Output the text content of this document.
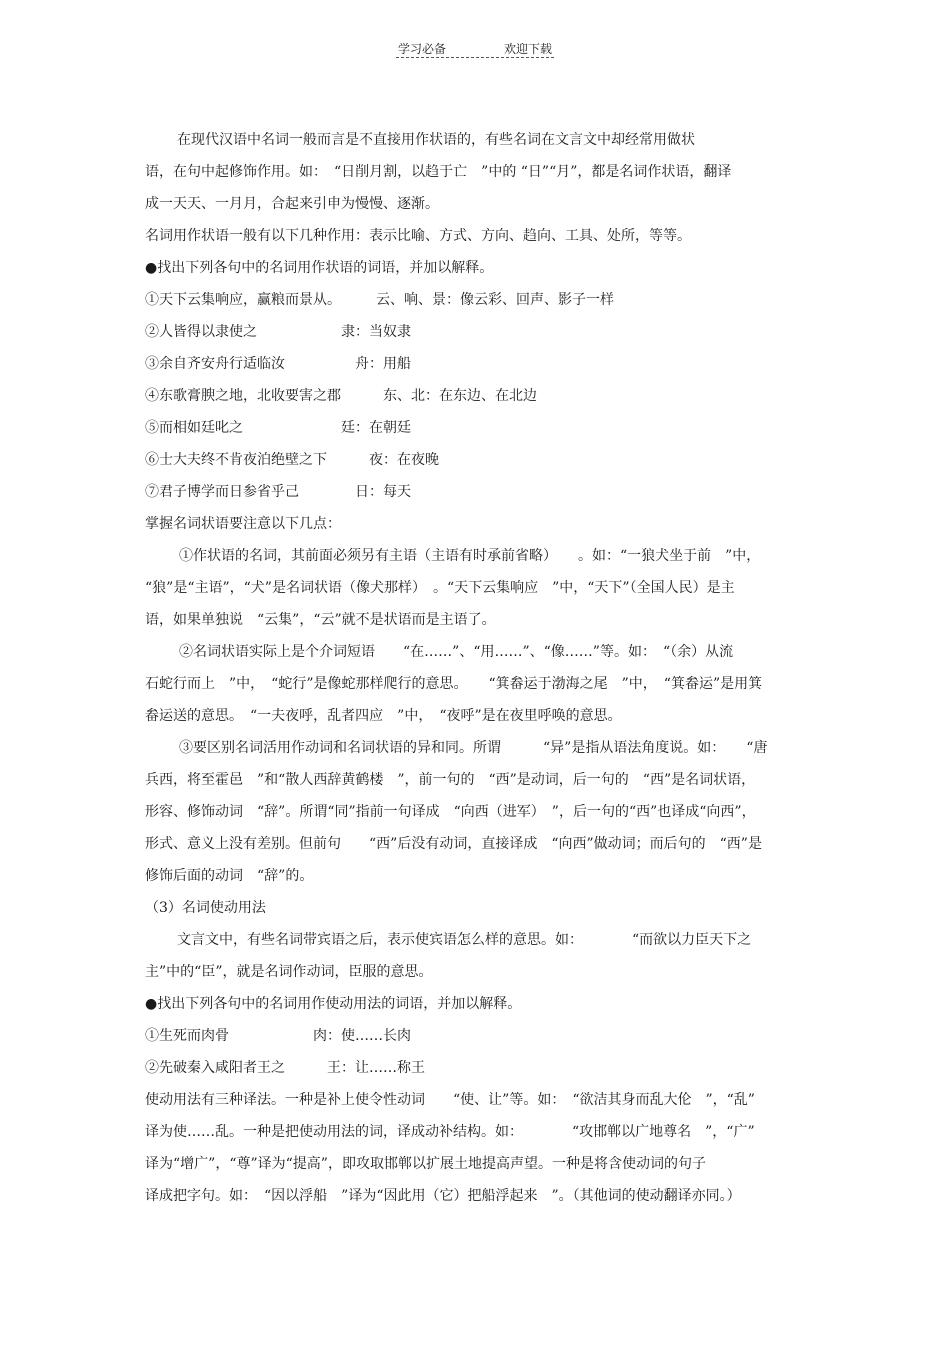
学习必备	欢迎下载
在现代汉语中名词一般而言是不直接用作状语的，有些名词在文言文中却经常用做状
语，在句中起修饰作用。如：　“日削月割，以趋于亡　”中的 “日”“月”，都是名词作状语，翻译
成一天天、一月月，合起来引申为慢慢、逐渐。
名词用作状语一般有以下几种作用：表示比喻、方式、方向、趋向、工具、处所，等等。
●找出下列各句中的名词用作状语的词语，并加以解释。
①天下云集响应，赢粮而景从。　　　云、响、景：像云彩、回声、影子一样
②人皆得以隶使之　　　　　　隶：当奴隶
③余自齐安舟行适临汝　　　　　舟：用船
④东歌膏腴之地，北收要害之郡　　　东、北：在东边、在北边
⑤而相如廷叱之　　　　　　　廷：在朝廷
⑥士大夫终不肯夜泊绝壁之下　　　夜：在夜晚
⑦君子博学而日参省乎己　　　　日：每天
掌握名词状语要注意以下几点：
①作状语的名词，其前面必须另有主语（主语有时承前省略）　　。如：“一狼犬坐于前　”中，
“狼”是“主语”，“犬”是名词状语（像犬那样）　。“天下云集响应　”中，“天下”（全国人民）是主
语，如果单独说　“云集”，“云”就不是状语而是主语了。
②名词状语实际上是个介词短语　　“在……”、“用……”、“像……”等。如：　“（余）从流
石蛇行而上　”中，　“蛇行”是像蛇那样爬行的意思。　　“箕畚运于渤海之尾　”中，　“箕畚运”是用箕
畚运送的意思。　“一夫夜呼，乱者四应　”中，　“夜呼”是在夜里呼唤的意思。
③要区别名词活用作动词和名词状语的异和同。所谓　　　“异”是指从语法角度说。如：　　“唐
兵西，将至霍邑　”和“散人西辞黄鹤楼　”，前一句的　“西”是动词，后一句的　“西”是名词状语，
形容、修饰动词　“辞”。所谓“同”指前一句译成　“向西（进军）　”，后一句的“西”也译成“向西”，
形式、意义上没有差别。但前句　　“西”后没有动词，直接译成　“向西”做动词；而后句的　“西”是
修饰后面的动词　“辞”的。
（3）名词使动用法
文言文中，有些名词带宾语之后，表示使宾语怎么样的意思。如：　　　　“而欲以力臣天下之
主”中的“臣”，就是名词作动词，臣服的意思。
●找出下列各句中的名词用作使动用法的词语，并加以解释。
①生死而肉骨　　　　　　肉：使……长肉
②先破秦入咸阳者王之　　　王：让……称王
使动用法有三种译法。一种是补上使令性动词　　“使、让”等。如：　“欲洁其身而乱大伦　”，“乱”
译为使……乱。一种是把使动用法的词，译成动补结构。如：　　　　“攻邯郸以广地尊名　”，“广”
译为“增广”，“尊”译为“提高”，即攻取邯郸以扩展土地提高声望。一种是将含使动词的句子
译成把字句。如：　“因以浮船　”译为“因此用（它）把船浮起来　”。（其他词的使动翻译亦同。）
